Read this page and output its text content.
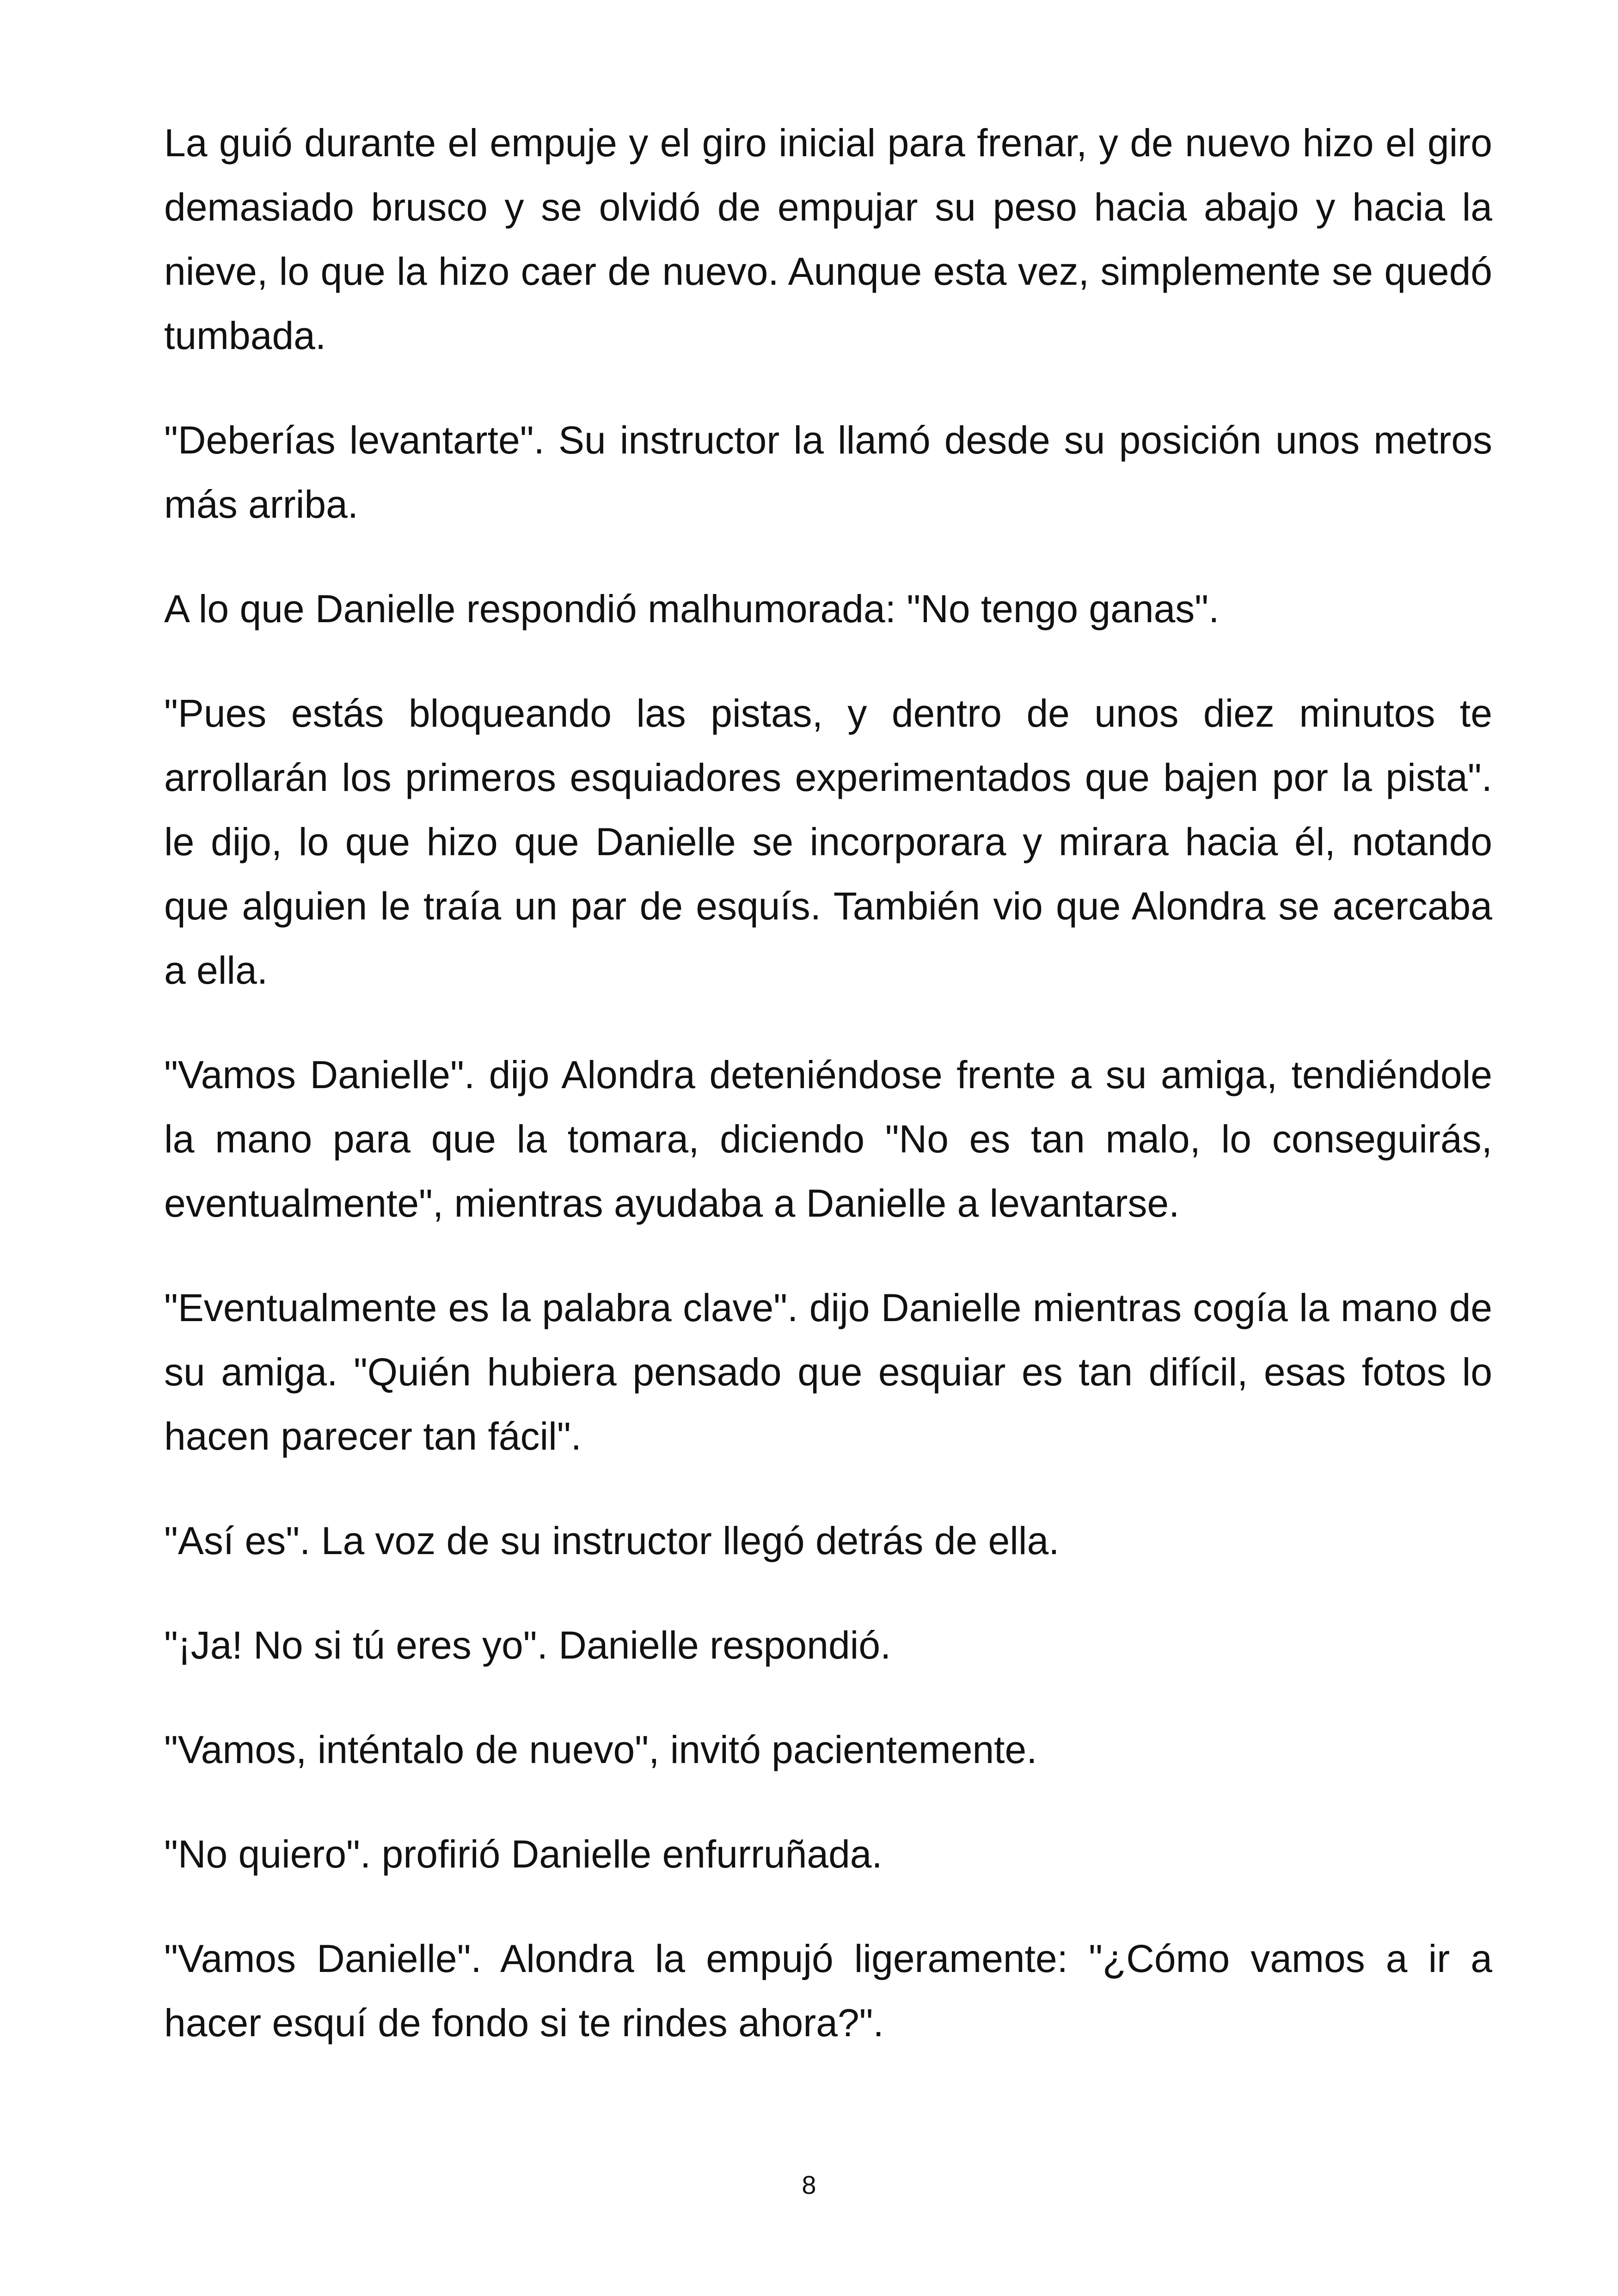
La guió durante el empuje y el giro inicial para frenar, y de nuevo hizo el giro demasiado brusco y se olvidó de empujar su peso hacia abajo y hacia la nieve, lo que la hizo caer de nuevo. Aunque esta vez, simplemente se quedó tumbada.

"Deberías levantarte". Su instructor la llamó desde su posición unos metros más arriba.

A lo que Danielle respondió malhumorada: "No tengo ganas".

"Pues estás bloqueando las pistas, y dentro de unos diez minutos te arrollarán los primeros esquiadores experimentados que bajen por la pista". le dijo, lo que hizo que Danielle se incorporara y mirara hacia él, notando que alguien le traía un par de esquís. También vio que Alondra se acercaba a ella.

"Vamos Danielle". dijo Alondra deteniéndose frente a su amiga, tendiéndole la mano para que la tomara, diciendo "No es tan malo, lo conseguirás, eventualmente", mientras ayudaba a Danielle a levantarse.

"Eventualmente es la palabra clave". dijo Danielle mientras cogía la mano de su amiga. "Quién hubiera pensado que esquiar es tan difícil, esas fotos lo hacen parecer tan fácil".

"Así es". La voz de su instructor llegó detrás de ella.

"¡Ja! No si tú eres yo". Danielle respondió.

"Vamos, inténtalo de nuevo", invitó pacientemente.

"No quiero". profirió Danielle enfurruñada.

"Vamos Danielle". Alondra la empujó ligeramente: "¿Cómo vamos a ir a hacer esquí de fondo si te rindes ahora?".

8
